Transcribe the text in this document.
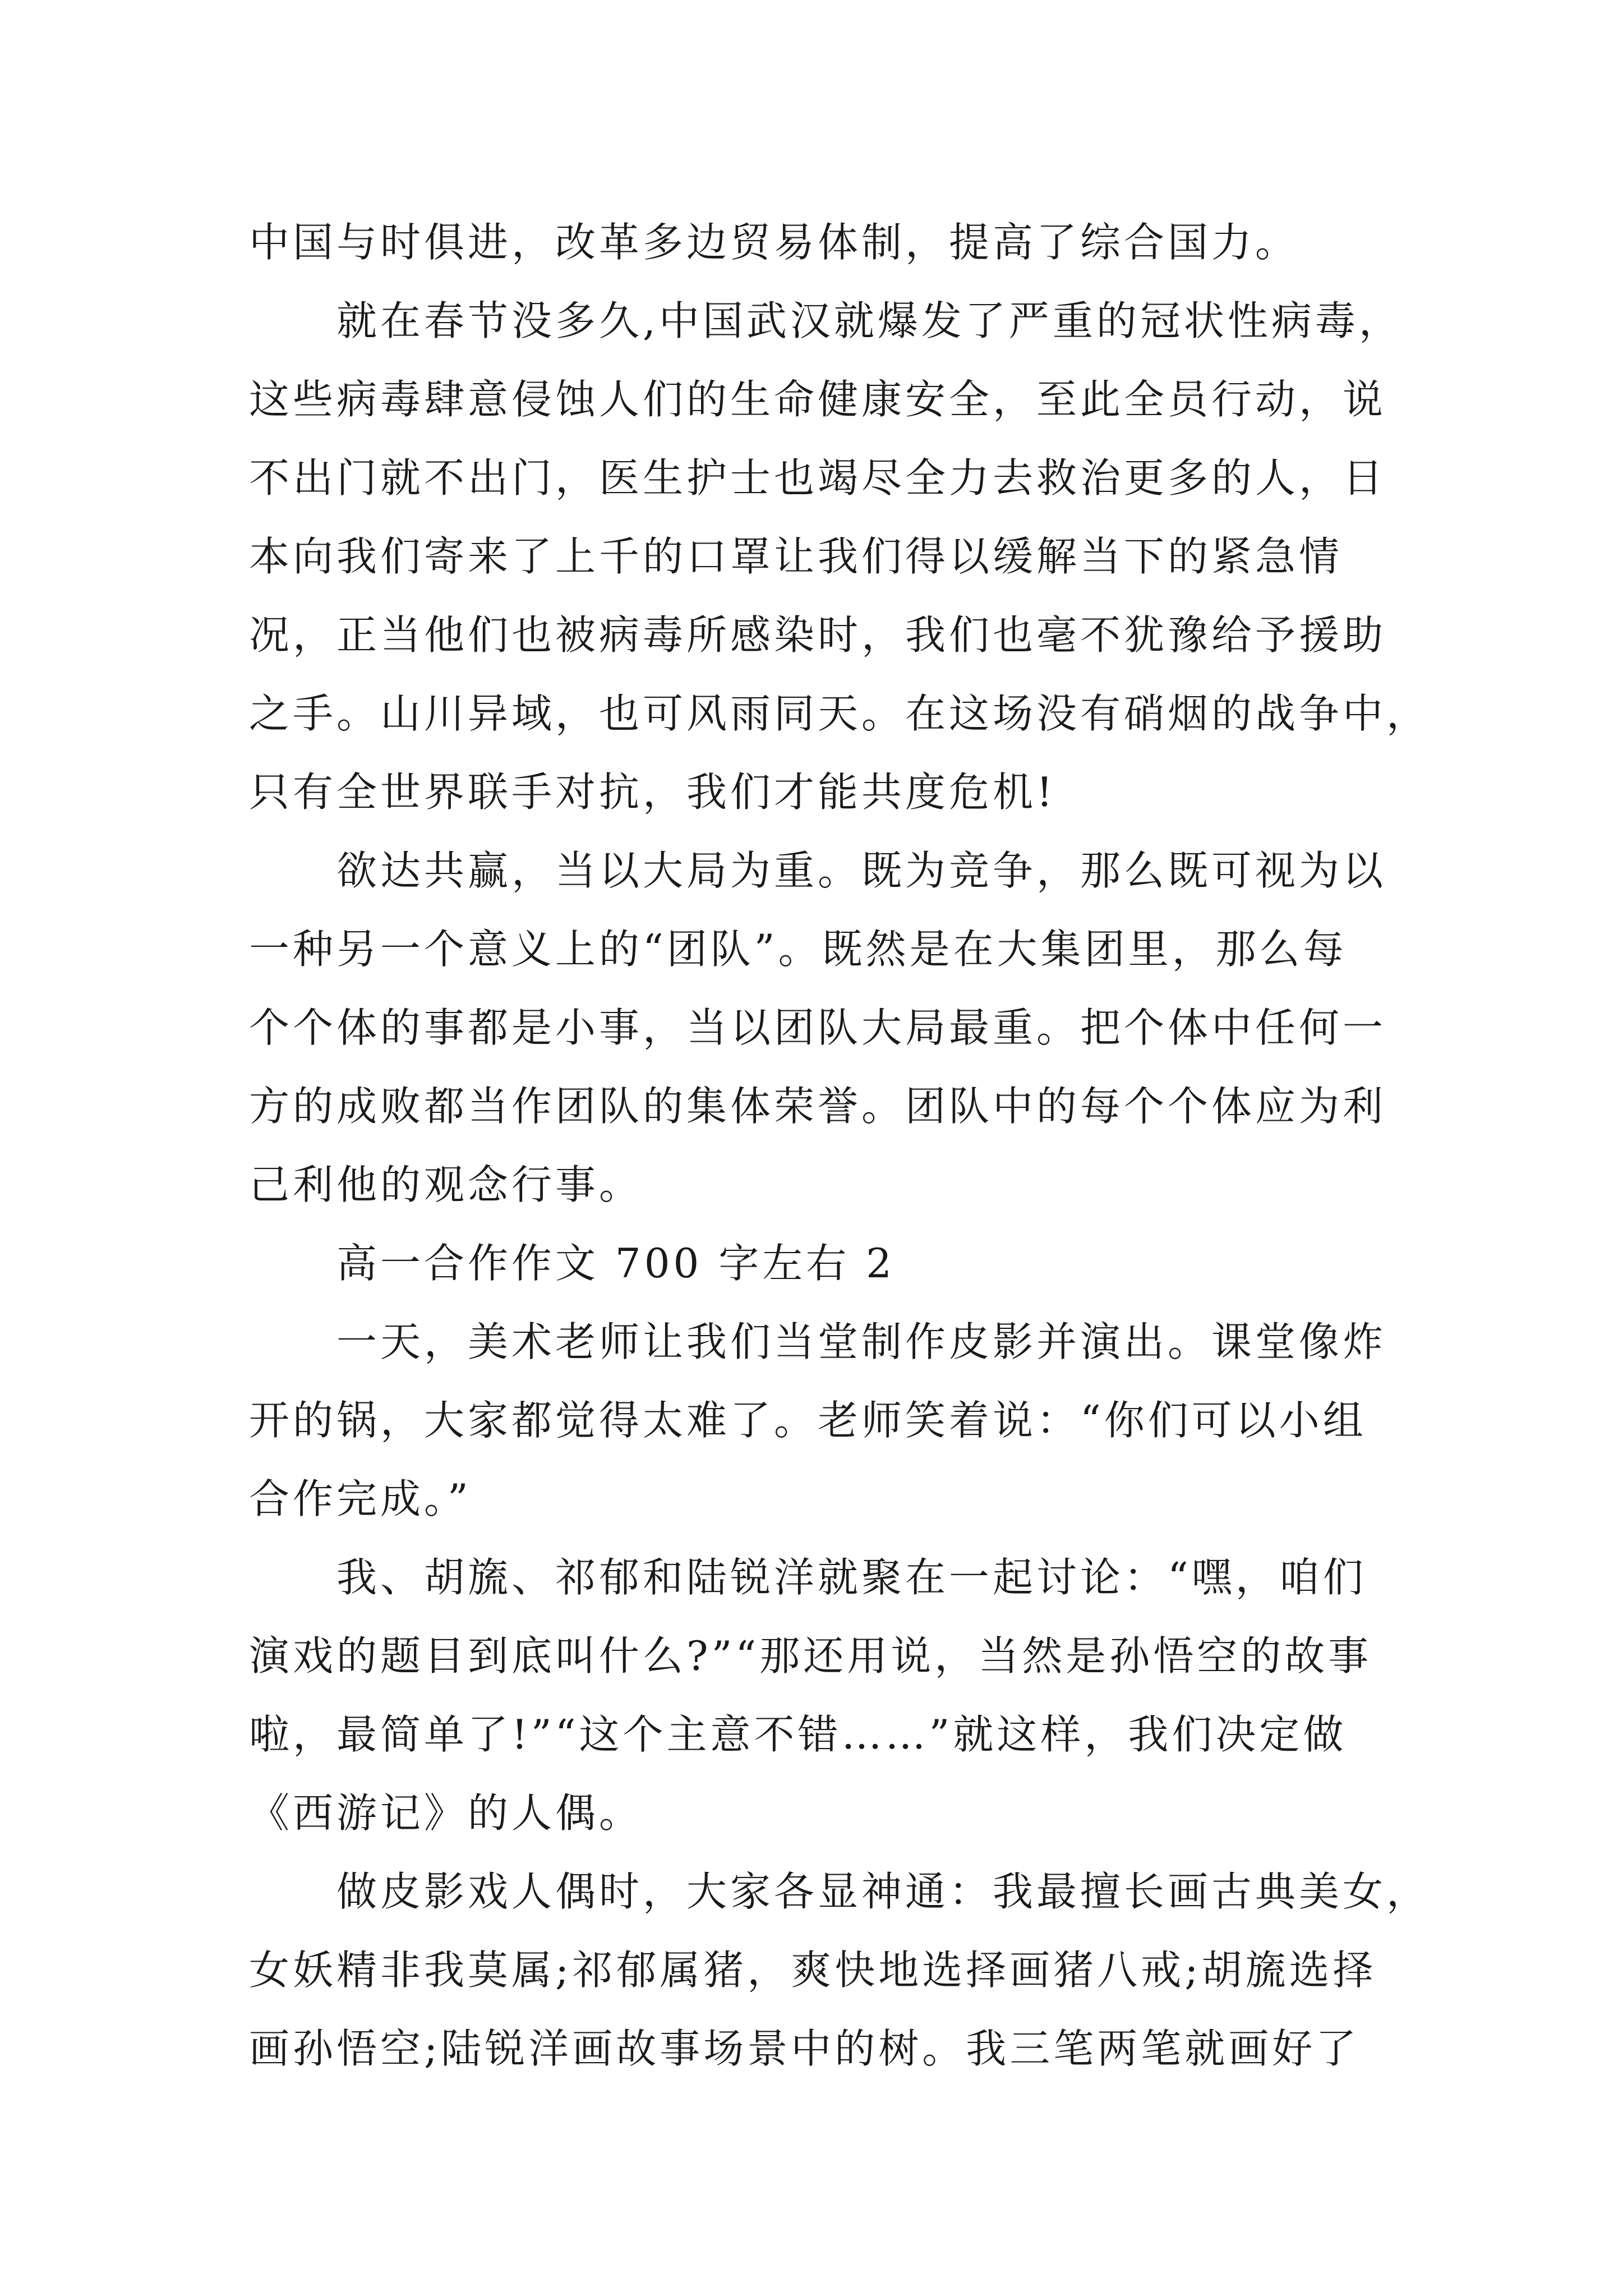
中国与时俱进，改革多边贸易体制，提高了综合国力。
就在春节没多久,中国武汉就爆发了严重的冠状性病毒，
这些病毒肆意侵蚀人们的生命健康安全，至此全员行动，说
不出门就不出门，医生护士也竭尽全力去救治更多的人，日
本向我们寄来了上千的口罩让我们得以缓解当下的紧急情
况，正当他们也被病毒所感染时，我们也毫不犹豫给予援助
之手。山川异域，也可风雨同天。在这场没有硝烟的战争中，
只有全世界联手对抗，我们才能共度危机!
欲达共赢，当以大局为重。既为竞争，那么既可视为以
一种另一个意义上的“团队”。既然是在大集团里，那么每
个个体的事都是小事，当以团队大局最重。把个体中任何一
方的成败都当作团队的集体荣誉。团队中的每个个体应为利
己利他的观念行事。
高一合作作文 700 字左右 2
一天，美术老师让我们当堂制作皮影并演出。课堂像炸
开的锅，大家都觉得太难了。老师笑着说：“你们可以小组
合作完成。”
我、胡旒、祁郁和陆锐洋就聚在一起讨论：“嘿，咱们
演戏的题目到底叫什么?”“那还用说，当然是孙悟空的故事
啦，最简单了!”“这个主意不错……”就这样，我们决定做
《西游记》的人偶。
做皮影戏人偶时，大家各显神通：我最擅长画古典美女，
女妖精非我莫属;祁郁属猪，爽快地选择画猪八戒;胡旒选择
画孙悟空;陆锐洋画故事场景中的树。我三笔两笔就画好了
